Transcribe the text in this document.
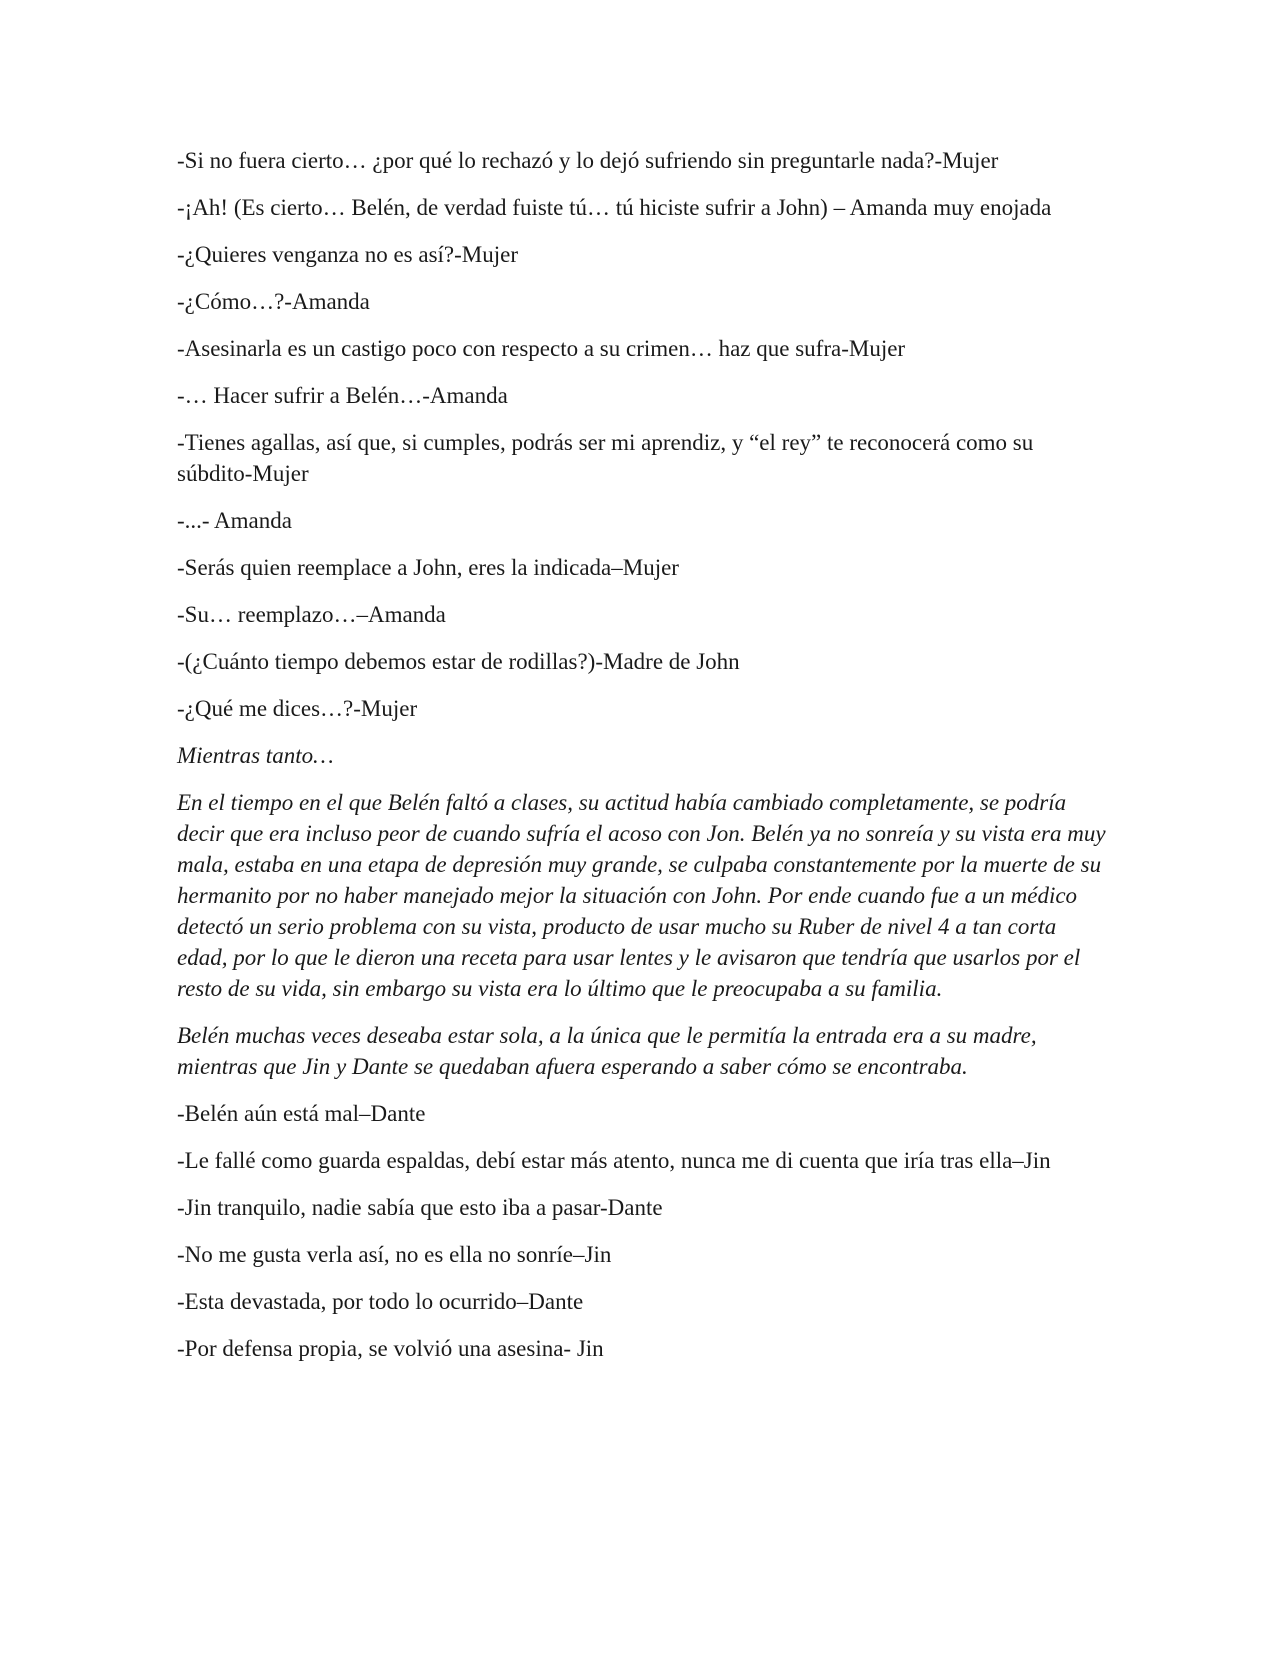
-Si no fuera cierto… ¿por qué lo rechazó y lo dejó sufriendo sin preguntarle nada?-Mujer

-¡Ah! (Es cierto… Belén, de verdad fuiste tú… tú hiciste sufrir a John) – Amanda muy enojada

-¿Quieres venganza no es así?-Mujer

-¿Cómo…?-Amanda

-Asesinarla es un castigo poco con respecto a su crimen… haz que sufra-Mujer

-… Hacer sufrir a Belén…-Amanda

-Tienes agallas, así que, si cumples, podrás ser mi aprendiz, y “el rey” te reconocerá como su súbdito-Mujer

-...- Amanda

-Serás quien reemplace a John, eres la indicada–Mujer

-Su… reemplazo…–Amanda

-(¿Cuánto tiempo debemos estar de rodillas?)-Madre de John

-¿Qué me dices…?-Mujer

Mientras tanto…

En el tiempo en el que Belén faltó a clases, su actitud había cambiado completamente, se podría decir que era incluso peor de cuando sufría el acoso con Jon. Belén ya no sonreía y su vista era muy mala, estaba en una etapa de depresión muy grande, se culpaba constantemente por la muerte de su hermanito por no haber manejado mejor la situación con John. Por ende cuando fue a un médico detectó un serio problema con su vista, producto de usar mucho su Ruber de nivel 4 a tan corta edad, por lo que le dieron una receta para usar lentes y le avisaron que tendría que usarlos por el resto de su vida, sin embargo su vista era lo último que le preocupaba a su familia.

Belén muchas veces deseaba estar sola, a la única que le permitía la entrada era a su madre, mientras que Jin y Dante se quedaban afuera esperando a saber cómo se encontraba.

-Belén aún está mal–Dante

-Le fallé como guarda espaldas, debí estar más atento, nunca me di cuenta que iría tras ella–Jin

-Jin tranquilo, nadie sabía que esto iba a pasar-Dante

-No me gusta verla así, no es ella no sonríe–Jin

-Esta devastada, por todo lo ocurrido–Dante

-Por defensa propia, se volvió una asesina- Jin
